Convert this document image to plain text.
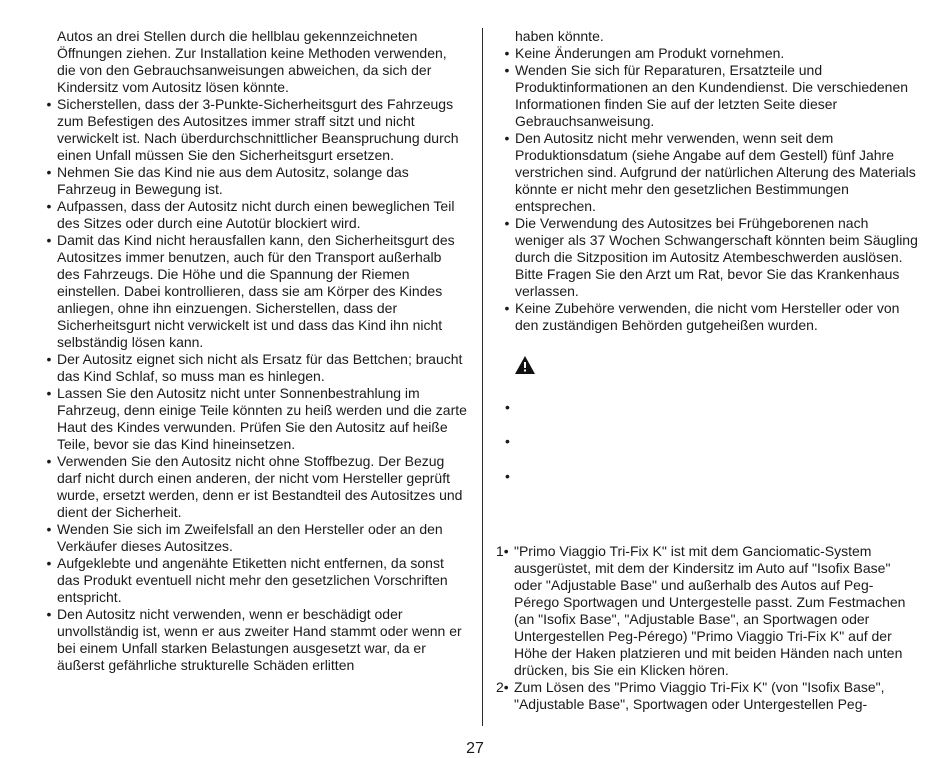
Autos an drei Stellen durch die hellblau gekennzeichneten Öffnungen ziehen. Zur Installation keine Methoden verwenden, die von den Gebrauchsanweisungen abweichen, da sich der Kindersitz vom Autositz lösen könnte.

• Sicherstellen, dass der 3-Punkte-Sicherheitsgurt des Fahrzeugs zum Befestigen des Autositzes immer straff sitzt und nicht verwickelt ist. Nach überdurchschnittlicher Beanspruchung durch einen Unfall müssen Sie den Sicherheitsgurt ersetzen.
• Nehmen Sie das Kind nie aus dem Autositz, solange das Fahrzeug in Bewegung ist.
• Aufpassen, dass der Autositz nicht durch einen beweglichen Teil des Sitzes oder durch eine Autotür blockiert wird.
• Damit das Kind nicht herausfallen kann, den Sicherheitsgurt des Autositzes immer benutzen, auch für den Transport außerhalb des Fahrzeugs. Die Höhe und die Spannung der Riemen einstellen. Dabei kontrollieren, dass sie am Körper des Kindes anliegen, ohne ihn einzuengen. Sicherstellen, dass der Sicherheitsgurt nicht verwickelt ist und dass das Kind ihn nicht selbständig lösen kann.
• Der Autositz eignet sich nicht als Ersatz für das Bettchen; braucht das Kind Schlaf, so muss man es hinlegen.
• Lassen Sie den Autositz nicht unter Sonnenbestrahlung im Fahrzeug, denn einige Teile könnten zu heiß werden und die zarte Haut des Kindes verwunden. Prüfen Sie den Autositz auf heiße Teile, bevor sie das Kind hineinsetzen.
• Verwenden Sie den Autositz nicht ohne Stoffbezug. Der Bezug darf nicht durch einen anderen, der nicht vom Hersteller geprüft wurde, ersetzt werden, denn er ist Bestandteil des Autositzes und dient der Sicherheit.
• Wenden Sie sich im Zweifelsfall an den Hersteller oder an den Verkäufer dieses Autositzes.
• Aufgeklebte und angenähte Etiketten nicht entfernen, da sonst das Produkt eventuell nicht mehr den gesetzlichen Vorschriften entspricht.
• Den Autositz nicht verwenden, wenn er beschädigt oder unvollständig ist, wenn er aus zweiter Hand stammt oder wenn er bei einem Unfall starken Belastungen ausgesetzt war, da er äußerst gefährliche strukturelle Schäden erlitten

haben könnte.

• Keine Änderungen am Produkt vornehmen.
• Wenden Sie sich für Reparaturen, Ersatzteile und Produktinformationen an den Kundendienst. Die verschiedenen Informationen finden Sie auf der letzten Seite dieser Gebrauchsanweisung.
• Den Autositz nicht mehr verwenden, wenn seit dem Produktionsdatum (siehe Angabe auf dem Gestell) fünf Jahre verstrichen sind. Aufgrund der natürlichen Alterung des Materials könnte er nicht mehr den gesetzlichen Bestimmungen entsprechen.
• Die Verwendung des Autositzes bei Frühgeborenen nach weniger als 37 Wochen Schwangerschaft könnten beim Säugling durch die Sitzposition im Autositz Atembeschwerden auslösen. Bitte Fragen Sie den Arzt um Rat, bevor Sie das Krankenhaus verlassen.
• Keine Zubehöre verwenden, die nicht vom Hersteller oder von den zuständigen Behörden gutgeheißen wurden.
•
•
•
1• "Primo Viaggio Tri-Fix K" ist mit dem Ganciomatic-System ausgerüstet, mit dem der Kindersitz im Auto auf "Isofix Base" oder "Adjustable Base" und außerhalb des Autos auf Peg-Pérego Sportwagen und Untergestelle passt. Zum Festmachen (an "Isofix Base", "Adjustable Base", an Sportwagen oder Untergestellen Peg-Pérego) "Primo Viaggio Tri-Fix K" auf der Höhe der Haken platzieren und mit beiden Händen nach unten drücken, bis Sie ein Klicken hören.
2• Zum Lösen des "Primo Viaggio Tri-Fix K" (von "Isofix Base", "Adjustable Base", Sportwagen oder Untergestellen Peg-
27
